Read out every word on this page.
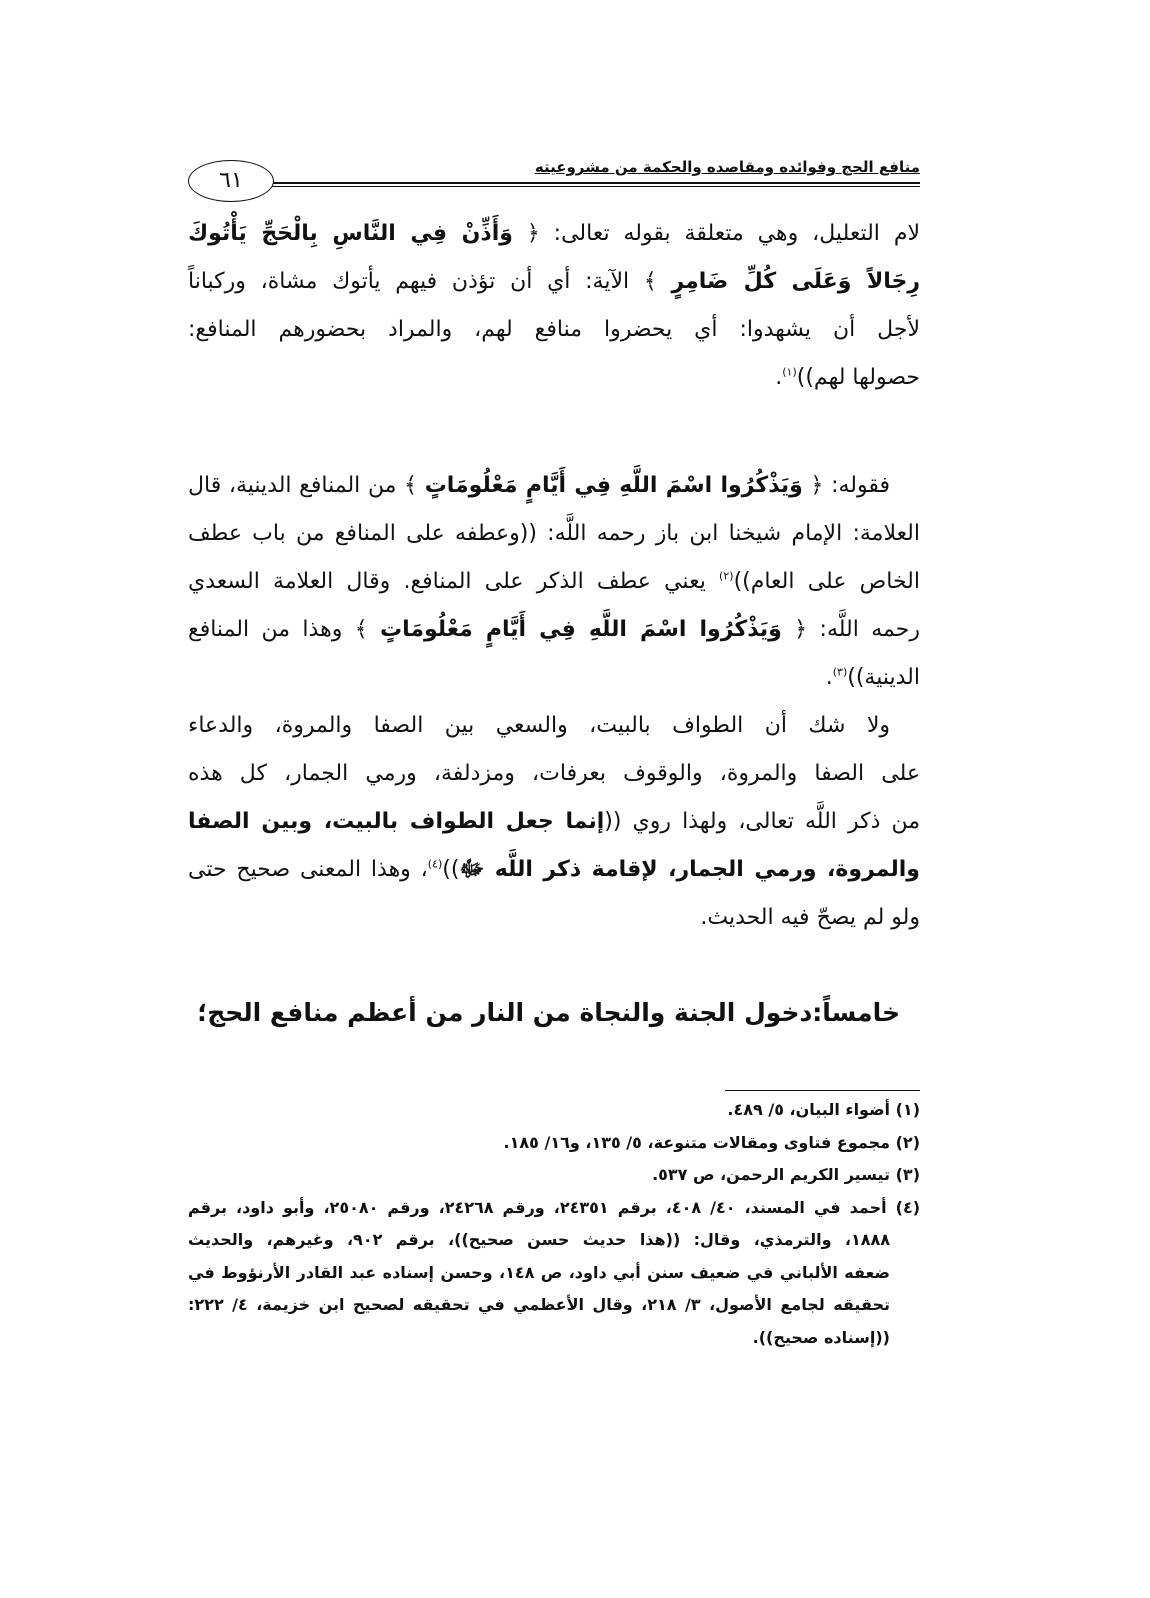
منافع الحج وفوائده ومقاصده والحكمة من مشروعيته
٦١
لام التعليل، وهي متعلقة بقوله تعالى: ﴿ وَأَذِّنْ فِي النَّاسِ بِالْحَجِّ يَأْتُوكَ
رِجَالاً وَعَلَى كُلِّ ضَامِرٍ ﴾ الآية: أي أن تؤذن فيهم يأتوك مشاة، وركباناً
لأجل أن يشهدوا: أي يحضروا منافع لهم، والمراد بحضورهم المنافع:
حصولها لهم))$^{(١)}$.
فقوله: ﴿ وَيَذْكُرُوا اسْمَ اللَّهِ فِي أَيَّامٍ مَعْلُومَاتٍ ﴾ من المنافع الدينية، قال
العلامة: الإمام شيخنا ابن باز رحمه اللَّه: ((وعطفه على المنافع من باب عطف
الخاص على العام))$^{(٢)}$ يعني عطف الذكر على المنافع. وقال العلامة السعدي
رحمه اللَّه: ﴿ وَيَذْكُرُوا اسْمَ اللَّهِ فِي أَيَّامٍ مَعْلُومَاتٍ ﴾ وهذا من المنافع الدينية))$^{(٣)}$.
ولا شك أن الطواف بالبيت، والسعي بين الصفا والمروة، والدعاء
على الصفا والمروة، والوقوف بعرفات، ومزدلفة، ورمي الجمار، كل هذه
من ذكر اللَّه تعالى، ولهذا روي ((إنما جعل الطواف بالبيت، وبين الصفا
والمروة، ورمي الجمار، لإقامة ذكر اللَّه ﷻ))$^{(٤)}$، وهذا المعنى صحيح حتى
ولو لم يصحّ فيه الحديث.
خامساً:دخول الجنة والنجاة من النار من أعظم منافع الحج؛
(١) أضواء البيان، ٥/ ٤٨٩.
(٢) مجموع فتاوى ومقالات متنوعة، ٥/ ١٣٥، و١٦/ ١٨٥.
(٣) تيسير الكريم الرحمن، ص ٥٣٧.
(٤) أحمد في المسند، ٤٠/ ٤٠٨، برقم ٢٤٣٥١، ورقم ٢٤٢٦٨، ورقم ٢٥٠٨٠، وأبو داود، برقم
١٨٨٨، والترمذي، وقال: ((هذا حديث حسن صحيح))، برقم ٩٠٢، وغيرهم، والحديث
ضعفه الألباني في ضعيف سنن أبي داود، ص ١٤٨، وحسن إسناده عبد القادر الأرنؤوط في
تحقيقه لجامع الأصول، ٣/ ٢١٨، وقال الأعظمي في تحقيقه لصحيح ابن خزيمة، ٤/ ٢٢٢:
((إسناده صحيح)).
